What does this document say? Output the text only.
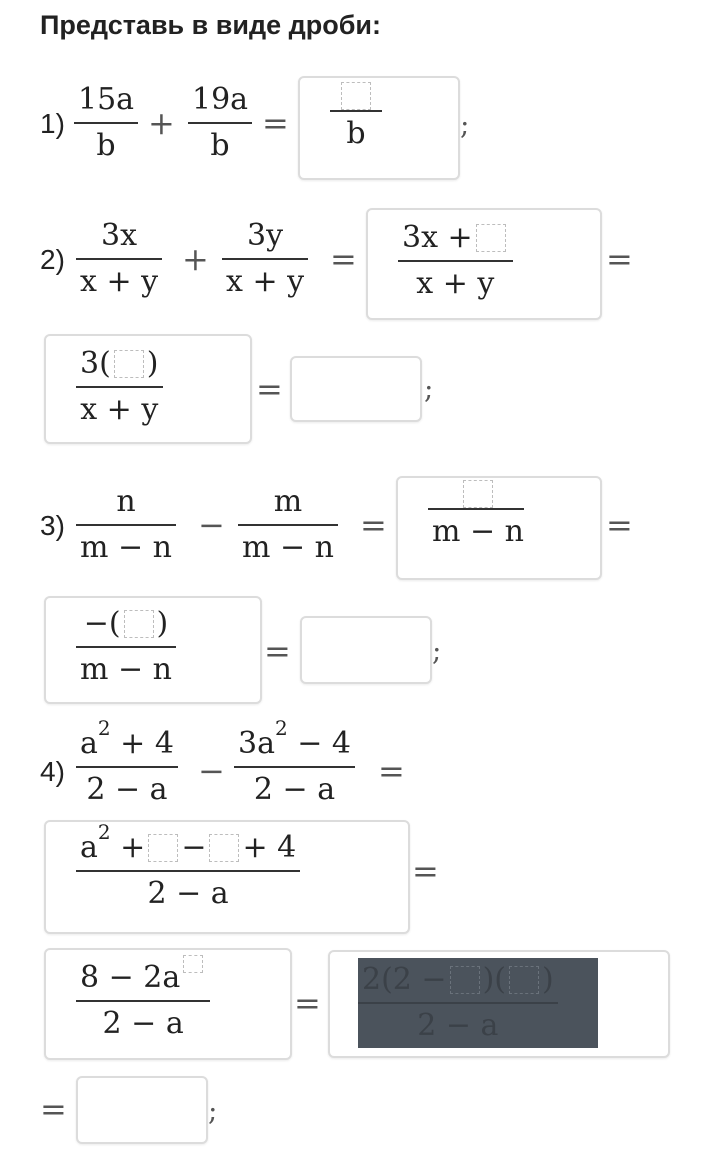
Представь в виде дроби:
1)
15a
b
+
19a
b
= b	;
2)
3x
x + y
+
3y
x + y
=
3x +
x + y
=
3( )
x + y
=	;
3)
n
m − n
−
m
m − n
= m − n	=
−( )
m − n	=	;
4)
a 2 + 4
2 − a −
3a 2 − 4
2 − a =
a 2 + − + 4
2 − a
=
8 − 2a
2 − a
=
2(2 − )( )
2 − a
=	;
